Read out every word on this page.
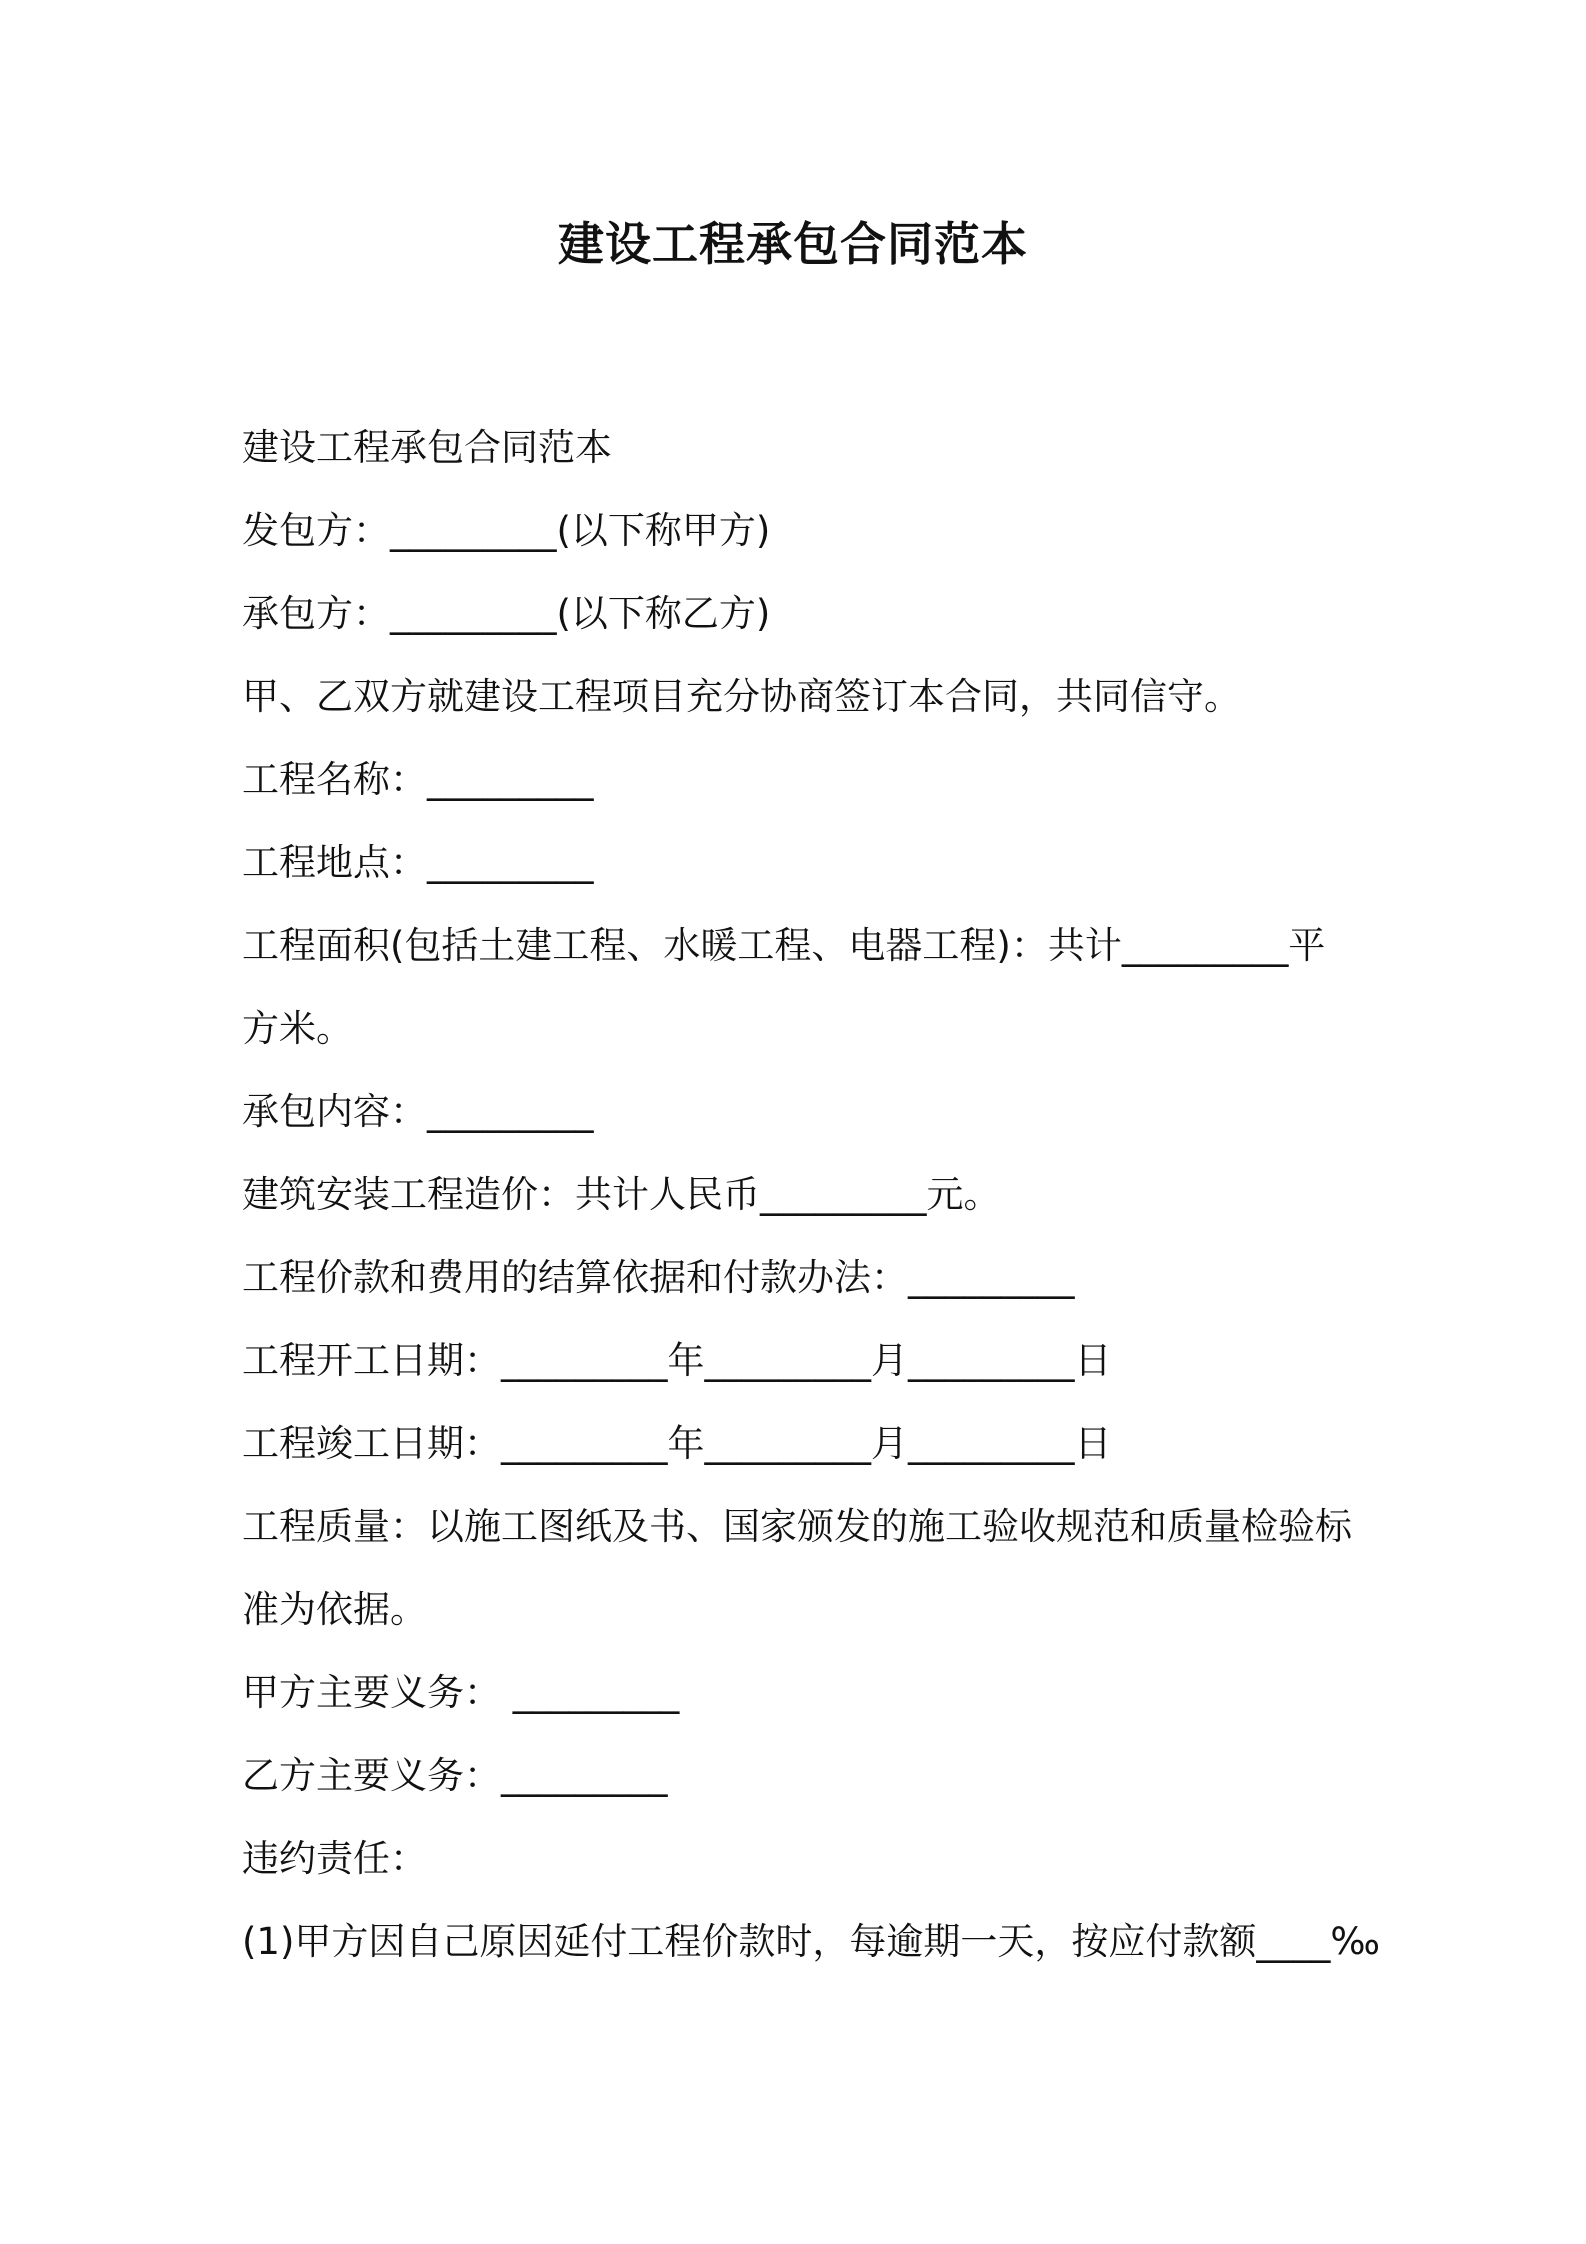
建设工程承包合同范本
建设工程承包合同范本
发包方：_________(以下称甲方)
承包方：_________(以下称乙方)
甲、乙双方就建设工程项目充分协商签订本合同，共同信守。
工程名称：_________
工程地点：_________
工程面积(包括土建工程、水暖工程、电器工程)：共计_________平
方米。
承包内容：_________
建筑安装工程造价：共计人民币_________元。
工程价款和费用的结算依据和付款办法：_________
工程开工日期：_________年_________月_________日
工程竣工日期：_________年_________月_________日
工程质量：以施工图纸及书、国家颁发的施工验收规范和质量检验标
准为依据。
甲方主要义务： _________
乙方主要义务：_________
违约责任：
(1)甲方因自己原因延付工程价款时，每逾期一天，按应付款额____‰
